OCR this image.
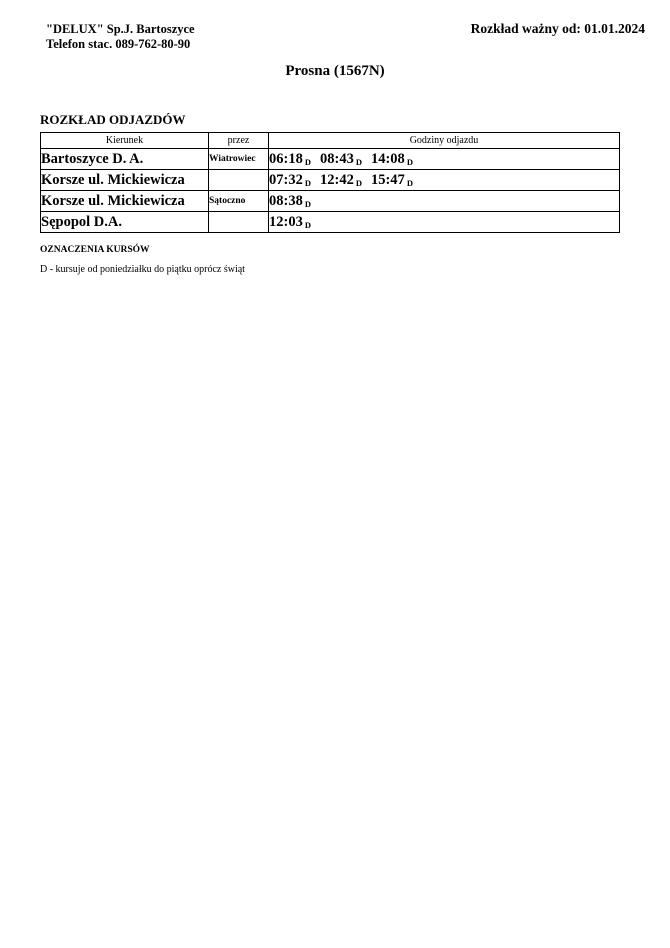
"DELUX" Sp.J. Bartoszyce
Telefon stac. 089-762-80-90
Rozkład ważny od: 01.01.2024
Prosna (1567N)
ROZKŁAD ODJAZDÓW
Kierunek	przez	Godziny odjazdu
Bartoszyce D. A.	Wiatrowiec	06:18 D 08:43 D 14:08 D
Korsze ul. Mickiewicza		07:32 D 12:42 D 15:47 D
Korsze ul. Mickiewicza	Sątoczno	08:38 D
Sępopol D.A.		12:03 D
OZNACZENIA KURSÓW
D - kursuje od poniedziałku do piątku oprócz świąt
